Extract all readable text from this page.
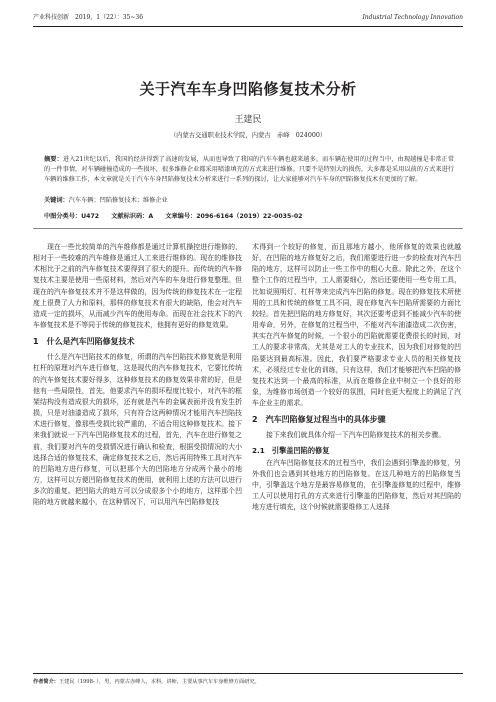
产业科技创新　2019，1（22）：35~36	Industrial Technology Innovation
关于汽车车身凹陷修复技术分析
王建民
（内蒙古交通职业技术学院，内蒙古　赤峰　024000）
摘要：进入21世纪以后，我国的经济得到了高速的发展，从而也导致了我国的汽车车辆也越来越多。而车辆在使用的过程当中，由现越撞是非常正常的一件事情，对车辆碰撞造成的一些损坏，很多维修企业都采用喷漆填充的方式来进行维修。只要不是特别大的损伤，大多都是采用以前的方式来进行车辆的维修工作，本文章就是关于汽车车身凹陷修复技术分析来进行一系列的探讨，让大家能够对汽车车身的凹陷修复技术有更加的了解。
关键词：汽车车辆；凹陷修复技术；维修企业
中图分类号：U472 文献标识码：A 文章编号：2096-6164（2019）22-0035-02

现在一些比较简单的汽车维修都是通过计算机操控进行维修的，相对于一些较难的汽车维修是通过人工来进行维修的。现在的维修技术相比于之前的汽车修复技术要得到了很大的提升。而传统的汽车修复技术主要是使用一些原材料，然后对汽车的车身进行修复整理。但现在的汽车修复技术并不是这样做的，因为传统的修复技术在一定程度上很费了人力和原料，那样的修复技术有很大的缺陷，他会对汽车造成一定的损坏，从而减少汽车的使用寿命。而现在社会技术下的汽车修复技术是不等同于传统的修复技术，他拥有更好的修复效果。

1　什么是汽车凹陷修复技术

什么是汽车凹陷技术的修复，所谓的汽车凹陷技术修复就是利用杠杆的原理对汽车进行修复，这是现代的汽车修复技术，它要比传统的汽车修复技术要好得多，这种修复技术的修复效果非常的好，但是他有一些局限性，首先，他要求汽车的损坏程度比较小，对汽车的框架结构没有造成很大的损坏，还有就是汽车的金属表面并没有发生折损，只是对油漆造成了损坏，只有符合这两种情况才能用汽车凹陷技术进行修复，像那些受损比较严重的，不适合用这种修复技术。接下来我们就说一下汽车凹陷修复技术的过程，首先，汽车在进行修复之前，我们要对汽车的受损情况进行确认和检查，根据受损情况的大小选择合适的修复技术，确定修复技术之后，然后再用特殊工具对汽车的凹陷地方进行修复，可以把那个大的凹陷地方分成两个最小的地方，这样可以方便凹陷修复技术的使用，就利用上述的方法可以进行多次的重复。把凹陷大的地方可以分成很多个小的地方，这样那个凹陷的地方就越来越小，在这种情况下，可以用汽车凹陷修复技

术得到一个较好的修复，而且那地方越小，他所修复的效果也就越好，在凹陷的地方修复好之后，我们需要进行进一步的检查对汽车凹陷的地方，这样可以防止一些工作中的粗心大意。除此之外，在这个整个工作的过程当中，工人需要细心，然后还要使用一些专用工具，比如说照明灯、杠杆等来完成汽车凹陷的修复。现在的修复技术所使用的工具和传统的修复工具不同，现在修复汽车凹陷所需要的力面比较轻。首先把凹陷的地方修复好，其次还要考虑到不能减少汽车的使用寿命，另外，在修复的过程当中，不能对汽车油漆造成二次伤害，其实在汽车修复的时候，一个很小的凹陷就需要花费很长的时间，对工人的要求非常高，尤其是对工人的专业技术，因为我们对修复的凹陷要达到最高标准。因此，我们要严格要求专业人员的相关修复技术，必须经过专业化的训练，只有这样，我们才能够把汽车凹陷的修复技术达到一个最高的标准，从而在维修企业中树立一个良好的形象，为维修市场创造一个较好的氛围，同时也更大程度上的满足了汽车企业主的需求。

2　汽车凹陷修复过程当中的具体步骤

接下来我们就具体介绍一下汽车凹陷修复技术的相关步骤。

2.1　引擎盖凹陷的修复

在汽车凹陷修复技术的过程当中，我们会遇到引擎盖的修复，另外我们也会遇到其他地方的凹陷修复。在这几种地方的凹陷修复当中，引擎盖这个地方是最容易修复的，在引擎盖修复的过程中，维修工人可以使用打孔的方式来进行引擎盖的凹陷修复，然后对其凹陷的地方进行填充，这个时候就需要维修工人选择

作者简介：王建民（1998- ），男，内蒙古赤峰人，本科，讲师，主要从事汽车车身维修方面研究。
